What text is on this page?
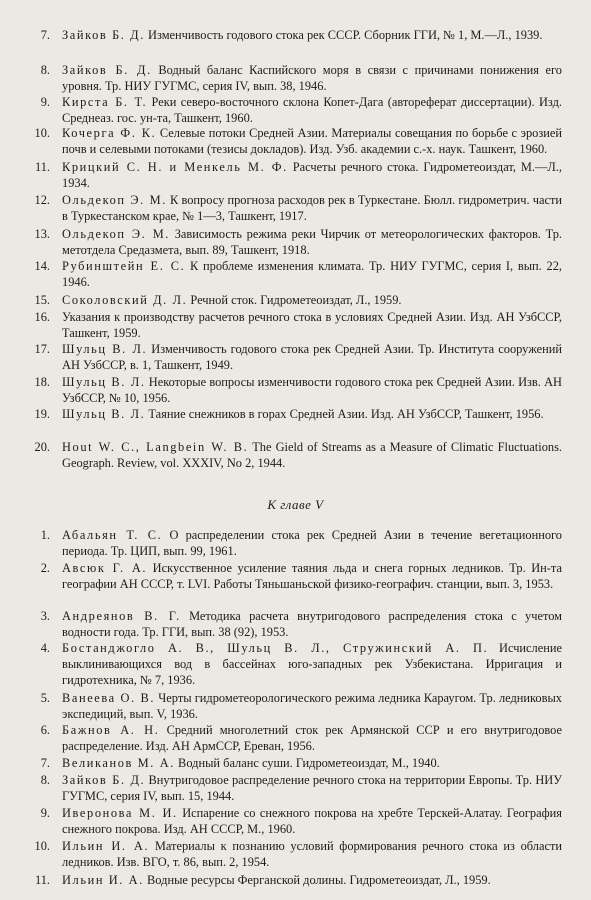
7. Зайков Б. Д. Изменчивость годового стока рек СССР. Сборник ГГИ, № 1, М.—Л., 1939.
8. Зайков Б. Д. Водный баланс Каспийского моря в связи с причинами понижения его уровня. Тр. НИУ ГУГМС, серия IV, вып. 38, 1946.
9. Кирста Б. Т. Реки северо-восточного склона Копет-Дага (автореферат диссертации). Изд. Среднеаз. гос. ун-та, Ташкент, 1960.
10. Кочерга Ф. К. Селевые потоки Средней Азии. Материалы совещания по борьбе с эрозией почв и селевыми потоками (тезисы докладов). Изд. Узб. академии с.-х. наук. Ташкент, 1960.
11. Крицкий С. Н. и Менкель М. Ф. Расчеты речного стока. Гидрометеоиздат, М.—Л., 1934.
12. Ольдекоп Э. М. К вопросу прогноза расходов рек в Туркестане. Бюлл. гидрометрич. части в Туркестанском крае, № 1—3, Ташкент, 1917.
13. Ольдекоп Э. М. Зависимость режима реки Чирчик от метеорологических факторов. Тр. метотдела Средазмета, вып. 89, Ташкент, 1918.
14. Рубинштейн Е. С. К проблеме изменения климата. Тр. НИУ ГУГМС, серия I, вып. 22, 1946.
15. Соколовский Д. Л. Речной сток. Гидрометеоиздат, Л., 1959.
16. Указания к производству расчетов речного стока в условиях Средней Азии. Изд. АН УзбССР, Ташкент, 1959.
17. Шульц В. Л. Изменчивость годового стока рек Средней Азии. Тр. Института сооружений АН УзбССР, в. 1, Ташкент, 1949.
18. Шульц В. Л. Некоторые вопросы изменчивости годового стока рек Средней Азии. Изв. АН УзбССР, № 10, 1956.
19. Шульц В. Л. Таяние снежников в горах Средней Азии. Изд. АН УзбССР, Ташкент, 1956.
20. Hout W. C., Langbein W. B. The Gield of Streams as a Measure of Climatic Fluctuations. Geograph. Review, vol. XXXIV, No 2, 1944.
К главе V
1. Абальян Т. С. О распределении стока рек Средней Азии в течение вегетационного периода. Тр. ЦИП, вып. 99, 1961.
2. Авсюк Г. А. Искусственное усиление таяния льда и снега горных ледников. Тр. Ин-та географии АН СССР, т. LVI. Работы Тяньшаньской физико-географич. станции, вып. 3, 1953.
3. Андреянов В. Г. Методика расчета внутригодового распределения стока с учетом водности года. Тр. ГГИ, вып. 38 (92), 1953.
4. Бостанджогло А. В., Шульц В. Л., Стружинский А. П. Исчисление выклинивающихся вод в бассейнах юго-западных рек Узбекистана. Ирригация и гидротехника, № 7, 1936.
5. Ванеева О. В. Черты гидрометеорологического режима ледника Караугом. Тр. ледниковых экспедиций, вып. V, 1936.
6. Бажнов А. Н. Средний многолетний сток рек Армянской ССР и его внутригодовое распределение. Изд. АН АрмССР, Ереван, 1956.
7. Великанов М. А. Водный баланс суши. Гидрометеоиздат, М., 1940.
8. Зайков Б. Д. Внутригодовое распределение речного стока на территории Европы. Тр. НИУ ГУГМС, серия IV, вып. 15, 1944.
9. Иверонова М. И. Испарение со снежного покрова на хребте Терскей-Алатау. География снежного покрова. Изд. АН СССР, М., 1960.
10. Ильин И. А. Материалы к познанию условий формирования речного стока из области ледников. Изв. ВГО, т. 86, вып. 2, 1954.
11. Ильин И. А. Водные ресурсы Ферганской долины. Гидрометеоиздат, Л., 1959.
